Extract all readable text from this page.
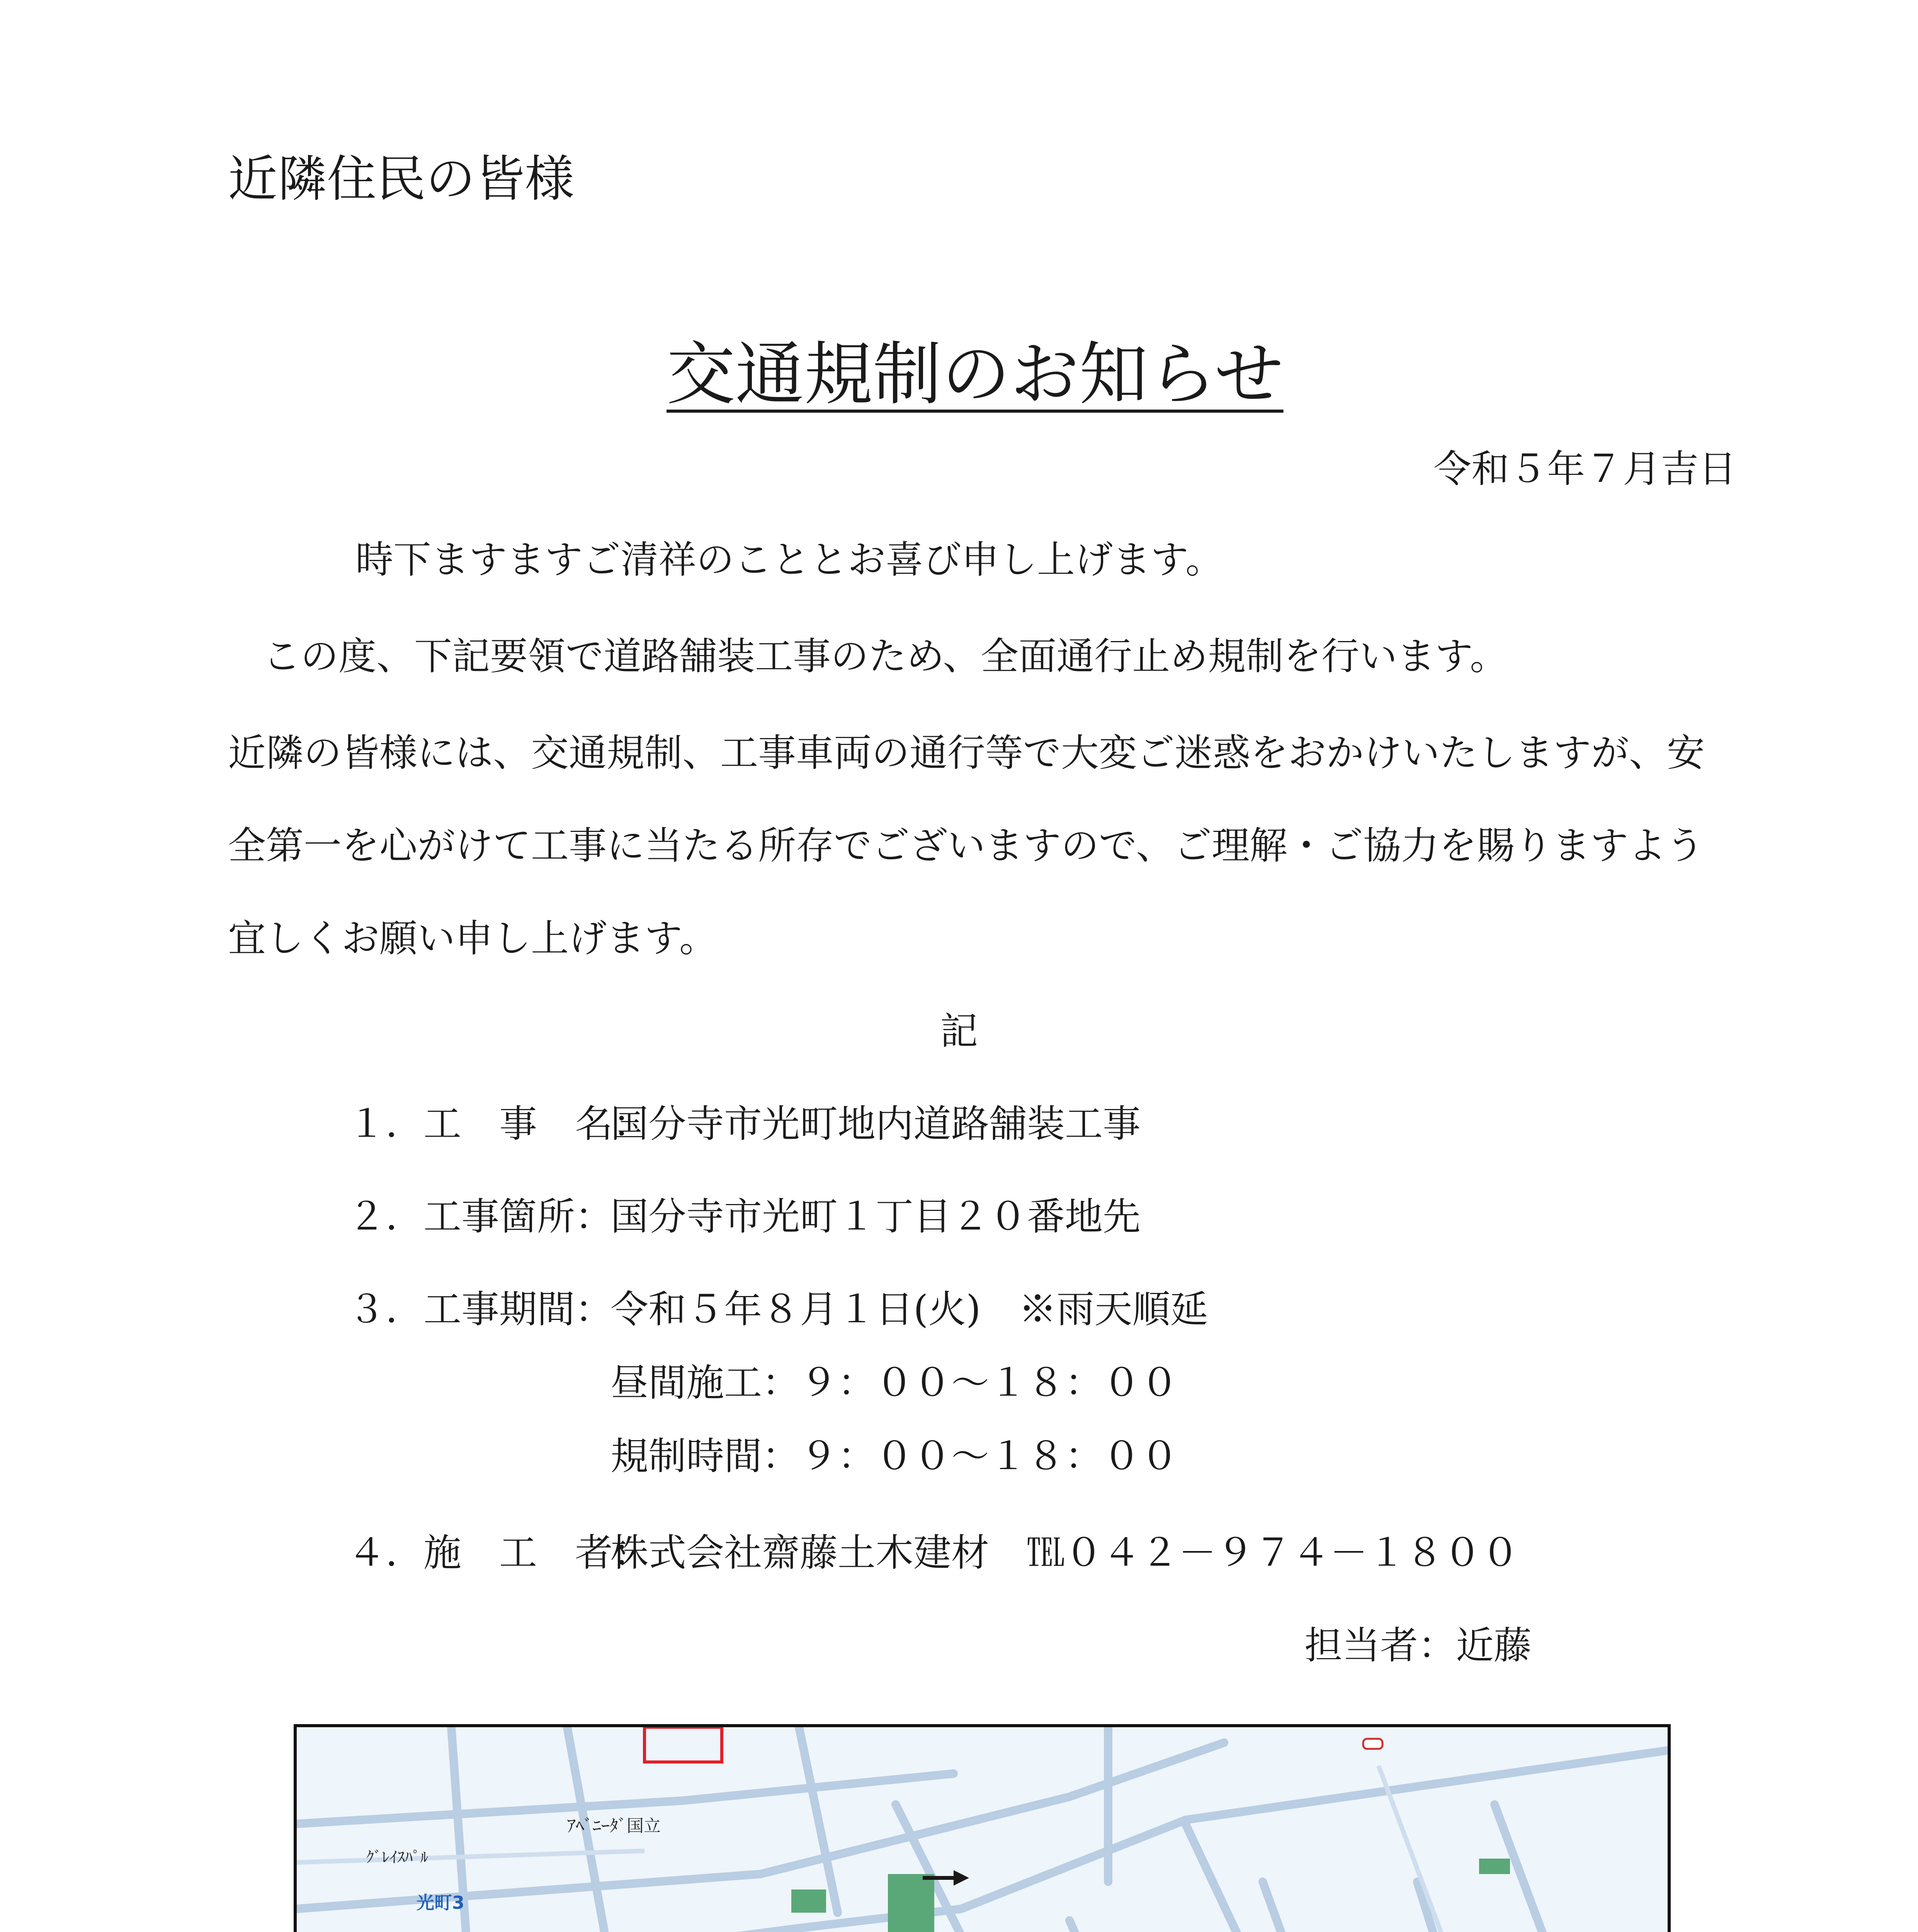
近隣住民の皆様
交通規制のお知らせ
令和５年７月吉日
時下ますますご清祥のこととお喜び申し上げます。
この度、下記要領で道路舗装工事のため、全面通行止め規制を行います。
近隣の皆様には、交通規制、工事車両の通行等で大変ご迷惑をおかけいたしますが、安
全第一を心がけて工事に当たる所存でございますので、ご理解・ご協力を賜りますよう
宜しくお願い申し上げます。
記
１．工　事　名：
国分寺市光町地内道路舗装工事
２．工事箇所：
国分寺市光町１丁目２０番地先
３．工事期間：
令和５年８月１日(火)　※雨天順延
昼間施工：９：００～１８：００
規制時間：９：００～１８：００
４．施　工　者：
株式会社齋藤土木建材　℡０４２－９７４－１８００
担当者：近藤
ｱﾍﾞﾆｰﾀﾞ国立
ｸﾞﾚｲｽﾊﾟﾙ
光町3
